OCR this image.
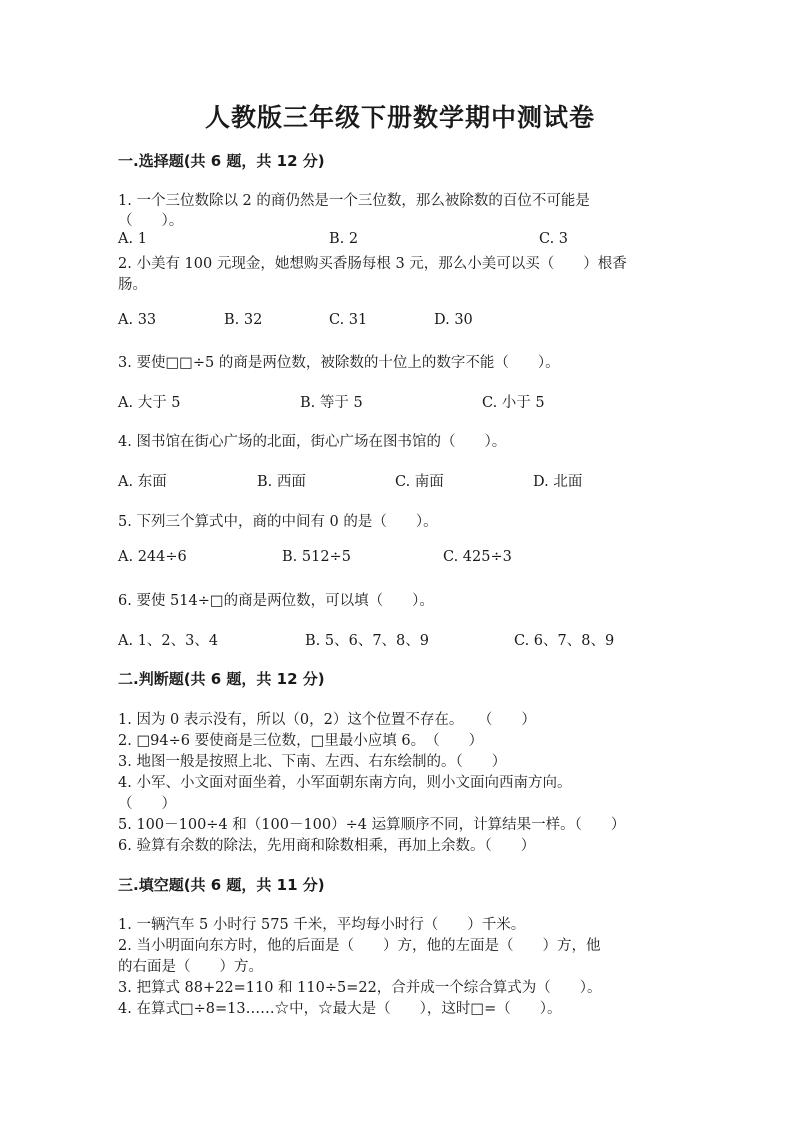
人教版三年级下册数学期中测试卷
一.选择题(共 6 题，共 12 分)
1. 一个三位数除以 2 的商仍然是一个三位数，那么被除数的百位不可能是
（　　）。
A. 1	B. 2	C. 3
2. 小美有 100 元现金，她想购买香肠每根 3 元，那么小美可以买（　　）根香
肠。
A. 33	B. 32	C. 31	D. 30
3. 要使□□÷5 的商是两位数，被除数的十位上的数字不能（　　）。
A. 大于 5	B. 等于 5	C. 小于 5
4. 图书馆在街心广场的北面，街心广场在图书馆的（　　）。
A. 东面	B. 西面	C. 南面	D. 北面
5. 下列三个算式中，商的中间有 0 的是（　　）。
A. 244÷6	B. 512÷5	C. 425÷3
6. 要使 514÷□的商是两位数，可以填（　　）。
A. 1、2、3、4	B. 5、6、7、8、9	C. 6、7、8、9
二.判断题(共 6 题，共 12 分)
1. 因为 0 表示没有，所以（0，2）这个位置不存在。　　（　　）
2. □94÷6 要使商是三位数，□里最小应填 6。　（　　）
3. 地图一般是按照上北、下南、左西、右东绘制的。（　　）
4. 小军、小文面对面坐着，小军面朝东南方向，则小文面向西南方向。
（　　）
5. 100－100÷4 和（100－100）÷4 运算顺序不同，计算结果一样。（　　）
6. 验算有余数的除法，先用商和除数相乘，再加上余数。（　　）
三.填空题(共 6 题，共 11 分)
1. 一辆汽车 5 小时行 575 千米，平均每小时行（　　）千米。
2. 当小明面向东方时，他的后面是（　　）方，他的左面是（　　）方，他
的右面是（　　）方。
3. 把算式 88+22=110 和 110÷5=22，合并成一个综合算式为（　　）。
4. 在算式□÷8=13……☆中，☆最大是（　　），这时□=（　　）。
